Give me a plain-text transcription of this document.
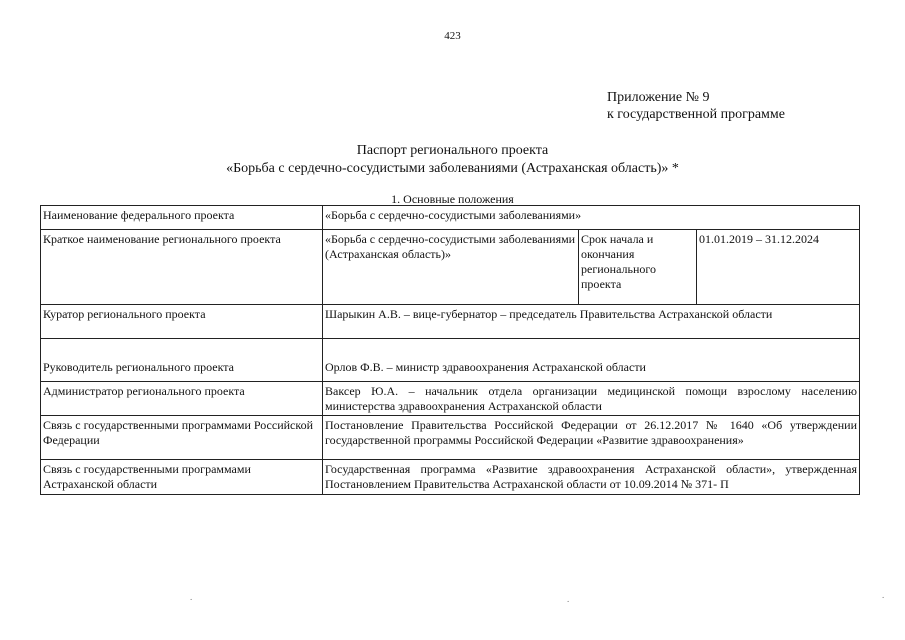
423
Приложение № 9
к государственной программе
Паспорт регионального проекта
«Борьба с сердечно-сосудистыми заболеваниями (Астраханская область)» *
1. Основные положения
Наименование федерального проекта	«Борьба с сердечно-сосудистыми заболеваниями»		
Краткое наименование регионального проекта	«Борьба с сердечно-сосудистыми заболеваниями (Астраханская область)»	Срок начала и окончания регионального проекта	01.01.2019 – 31.12.2024
Куратор регионального проекта	Шарыкин А.В. – вице-губернатор – председатель Правительства Астраханской области		
Руководитель регионального проекта	Орлов Ф.В. – министр здравоохранения Астраханской области		
Администратор регионального проекта	Ваксер Ю.А. – начальник отдела организации медицинской помощи взрослому населению министерства здравоохранения Астраханской области		
Связь с государственными программами Российской Федерации	Постановление Правительства Российской Федерации от 26.12.2017 № 1640 «Об утверждении государственной программы Российской Федерации «Развитие здравоохранения»		
Связь с государственными программами Астраханской области	Государственная программа «Развитие здравоохранения Астраханской области», утвержденная Постановлением Правительства Астраханской области от 10.09.2014 № 371- П		
.	.	.
